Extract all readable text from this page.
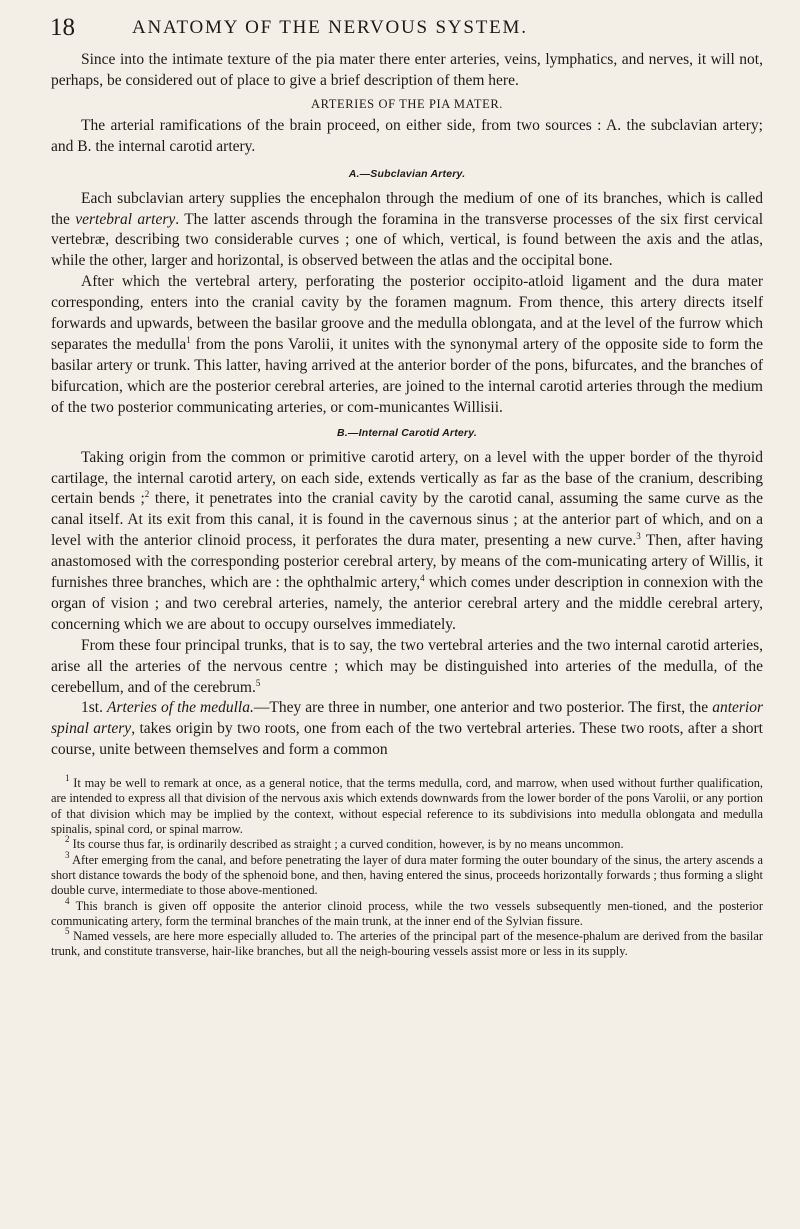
18	ANATOMY OF THE NERVOUS SYSTEM.

Since into the intimate texture of the pia mater there enter arteries, veins, lymphatics, and nerves, it will not, perhaps, be considered out of place to give a brief description of them here.

ARTERIES OF THE PIA MATER.

The arterial ramifications of the brain proceed, on either side, from two sources : A. the subclavian artery; and B. the internal carotid artery.

A.—Subclavian Artery.

Each subclavian artery supplies the encephalon through the medium of one of its branches, which is called the vertebral artery. The latter ascends through the foramina in the transverse processes of the six first cervical vertebræ, describing two considerable curves ; one of which, vertical, is found between the axis and the atlas, while the other, larger and horizontal, is observed between the atlas and the occipital bone.

After which the vertebral artery, perforating the posterior occipito-atloid ligament and the dura mater corresponding, enters into the cranial cavity by the foramen magnum. From thence, this artery directs itself forwards and upwards, between the basilar groove and the medulla oblongata, and at the level of the furrow which separates the medulla$^1$ from the pons Varolii, it unites with the synonymal artery of the opposite side to form the basilar artery or trunk. This latter, having arrived at the anterior border of the pons, bifurcates, and the branches of bifurcation, which are the posterior cerebral arteries, are joined to the internal carotid arteries through the medium of the two posterior communicating arteries, or com-municantes Willisii.

B.—Internal Carotid Artery.

Taking origin from the common or primitive carotid artery, on a level with the upper border of the thyroid cartilage, the internal carotid artery, on each side, extends vertically as far as the base of the cranium, describing certain bends ;$^2$ there, it penetrates into the cranial cavity by the carotid canal, assuming the same curve as the canal itself. At its exit from this canal, it is found in the cavernous sinus ; at the anterior part of which, and on a level with the anterior clinoid process, it perforates the dura mater, presenting a new curve.$^3$ Then, after having anastomosed with the corresponding posterior cerebral artery, by means of the com-municating artery of Willis, it furnishes three branches, which are : the ophthalmic artery,$^4$ which comes under description in connexion with the organ of vision ; and two cerebral arteries, namely, the anterior cerebral artery and the middle cerebral artery, concerning which we are about to occupy ourselves immediately.

From these four principal trunks, that is to say, the two vertebral arteries and the two internal carotid arteries, arise all the arteries of the nervous centre ; which may be distinguished into arteries of the medulla, of the cerebellum, and of the cerebrum.$^5$

1st. Arteries of the medulla.—They are three in number, one anterior and two posterior. The first, the anterior spinal artery, takes origin by two roots, one from each of the two vertebral arteries. These two roots, after a short course, unite between themselves and form a common

$^1$ It may be well to remark at once, as a general notice, that the terms medulla, cord, and marrow, when used without further qualification, are intended to express all that division of the nervous axis which extends downwards from the lower border of the pons Varolii, or any portion of that division which may be implied by the context, without especial reference to its subdivisions into medulla oblongata and medulla spinalis, spinal cord, or spinal marrow.

$^2$ Its course thus far, is ordinarily described as straight ; a curved condition, however, is by no means uncommon.

$^3$ After emerging from the canal, and before penetrating the layer of dura mater forming the outer boundary of the sinus, the artery ascends a short distance towards the body of the sphenoid bone, and then, having entered the sinus, proceeds horizontally forwards ; thus forming a slight double curve, intermediate to those above-mentioned.

$^4$ This branch is given off opposite the anterior clinoid process, while the two vessels subsequently men-tioned, and the posterior communicating artery, form the terminal branches of the main trunk, at the inner end of the Sylvian fissure.

$^5$ Named vessels, are here more especially alluded to. The arteries of the principal part of the mesence-phalum are derived from the basilar trunk, and constitute transverse, hair-like branches, but all the neigh-bouring vessels assist more or less in its supply.
